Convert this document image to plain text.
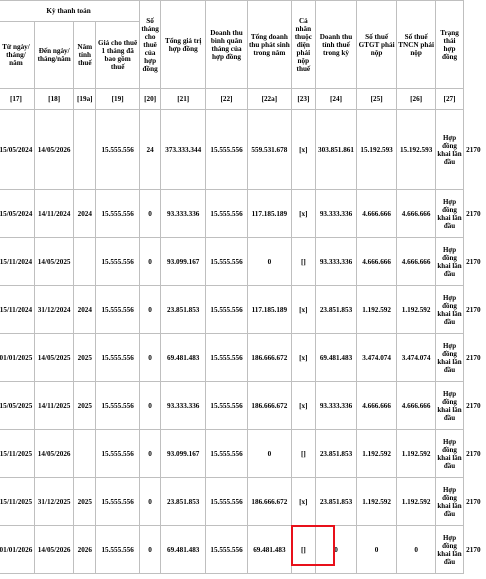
Kỳ thanh toán				Số tháng cho thuê của hợp đồng	Tổng giá trị hợp đồng	Doanh thu bình quân tháng của hợp đồng	Tổng doanh thu phát sinh trong năm	Cá nhân thuộc diện phải nộp thuế	Doanh thu tính thuế trong kỳ	Số thuế GTGT phải nộp	Số thuế TNCN phải nộp	Trạng thái hợp đồng	
Từ ngày/ tháng/ năm	Đến ngày/ tháng/năm	Năm tính thuế	Giá cho thuê 1 tháng đã bao gồm thuế										
[17]	[18]	[19a]	[19]	[20]	[21]	[22]	[22a]	[23]	[24]	[25]	[26]	[27]	
15/05/2024	14/05/2026		15.555.556	24	373.333.344	15.555.556	559.531.678	[x]	303.851.861	15.192.593	15.192.593	Hợp đồng khai lần đầu	2170
15/05/2024	14/11/2024	2024	15.555.556	0	93.333.336	15.555.556	117.185.189	[x]	93.333.336	4.666.666	4.666.666	Hợp đồng khai lần đầu	2170
15/11/2024	14/05/2025		15.555.556	0	93.099.167	15.555.556	0	[]	93.333.336	4.666.666	4.666.666	Hợp đồng khai lần đầu	2170
15/11/2024	31/12/2024	2024	15.555.556	0	23.851.853	15.555.556	117.185.189	[x]	23.851.853	1.192.592	1.192.592	Hợp đồng khai lần đầu	2170
01/01/2025	14/05/2025	2025	15.555.556	0	69.481.483	15.555.556	186.666.672	[x]	69.481.483	3.474.074	3.474.074	Hợp đồng khai lần đầu	2170
15/05/2025	14/11/2025	2025	15.555.556	0	93.333.336	15.555.556	186.666.672	[x]	93.333.336	4.666.666	4.666.666	Hợp đồng khai lần đầu	2170
15/11/2025	14/05/2026		15.555.556	0	93.099.167	15.555.556	0	[]	23.851.853	1.192.592	1.192.592	Hợp đồng khai lần đầu	2170
15/11/2025	31/12/2025	2025	15.555.556	0	23.851.853	15.555.556	186.666.672	[x]	23.851.853	1.192.592	1.192.592	Hợp đồng khai lần đầu	2170
01/01/2026	14/05/2026	2026	15.555.556	0	69.481.483	15.555.556	69.481.483	[]	0	0	0	Hợp đồng khai lần đầu	2170
